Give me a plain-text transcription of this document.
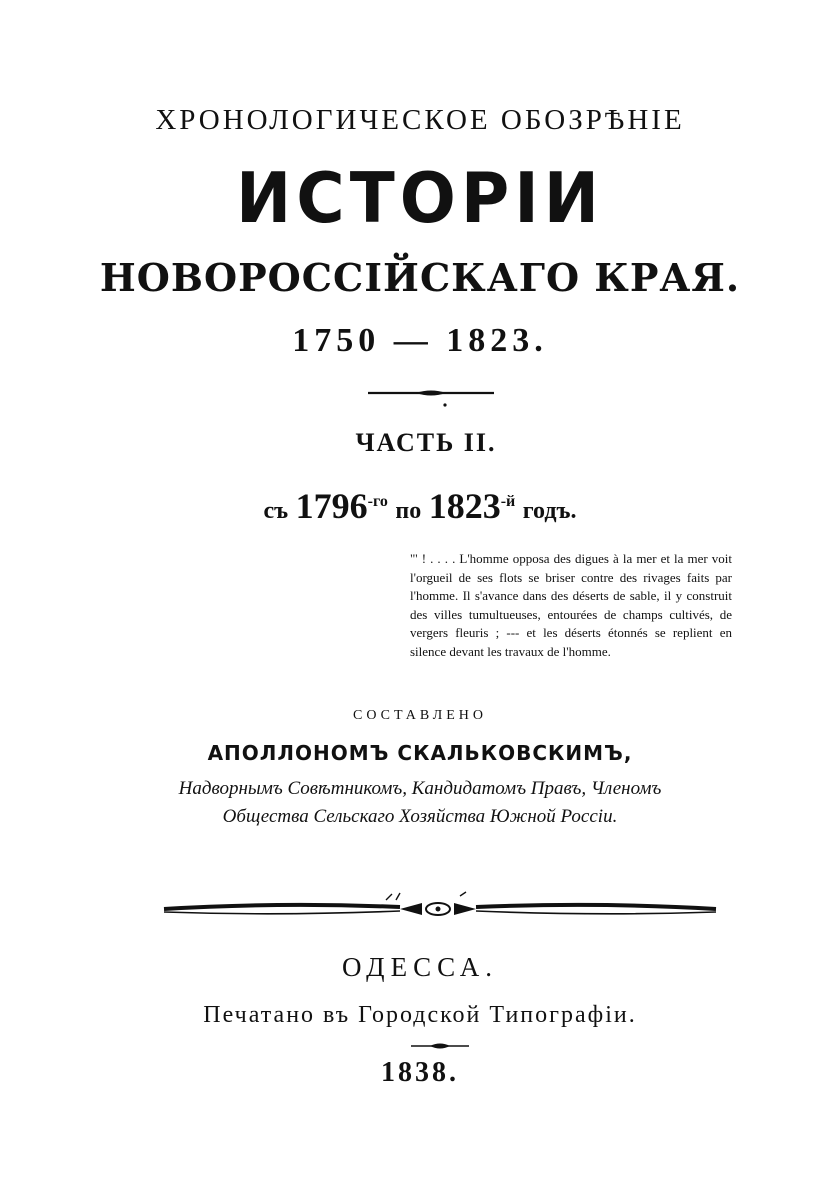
ХРОНОЛОГИЧЕСКОЕ ОБОЗРѢНIЕ
ИСТОРIИ
НОВОРОССIЙСКАГО КРАЯ.
1750 — 1823.
ЧАСТЬ II.
съ $1796^{-го}$ по $1823^{-й}$ годъ.
"' ! . . . . L'homme opposa des digues à la mer et la mer voit l'orgueil de ses flots se briser contre des rivages faits par l'homme. Il s'avance dans des déserts de sable, il y construit des villes tumultueuses, entourées de champs cultivés, de vergers fleuris ; --- et les déserts étonnés se replient en silence devant les travaux de l'homme.
СОСТАВЛЕНО
АПОЛЛОНОМЪ СКАЛЬКОВСКИМЪ,
Надворнымъ Совѣтникомъ, Кандидатомъ Правъ, Членомъ
Общества Сельскаго Хозяйства Южной Россiи.
ОДЕССА.
Печатано въ Городской Типографiи.
1838.
